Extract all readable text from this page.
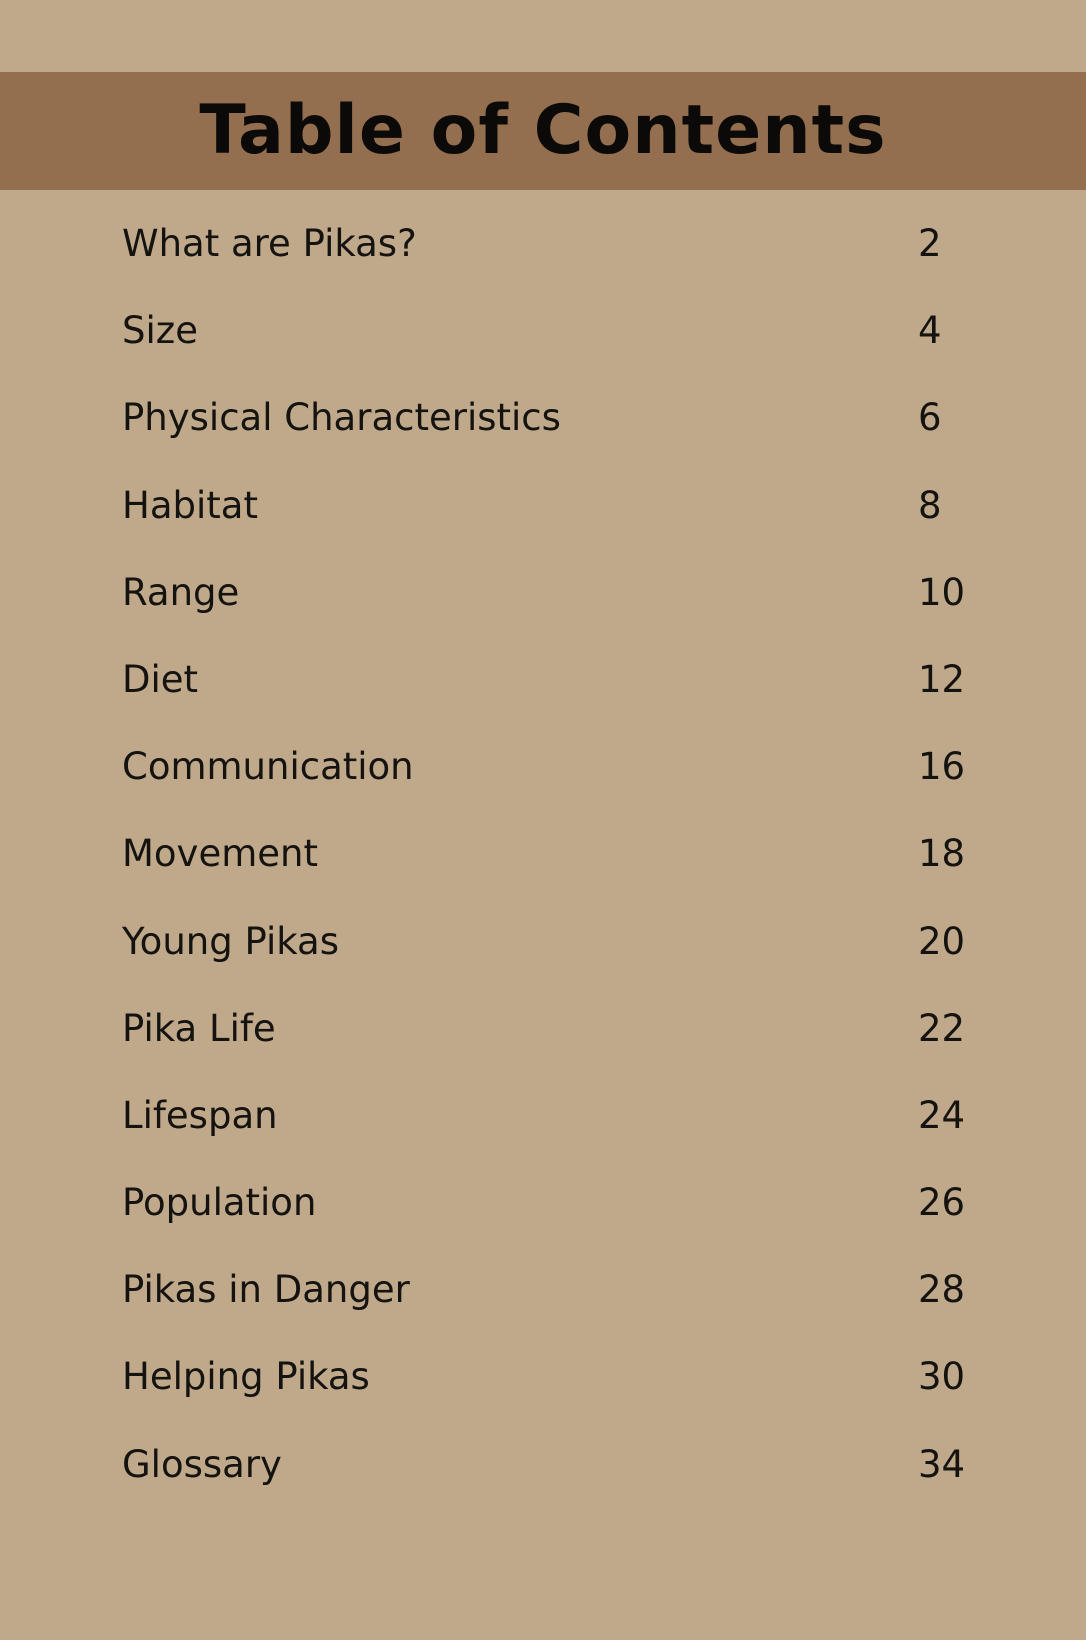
Table of Contents
What are Pikas?	2
Size	4
Physical Characteristics	6
Habitat	8
Range	10
Diet	12
Communication	16
Movement	18
Young Pikas	20
Pika Life	22
Lifespan	24
Population	26
Pikas in Danger	28
Helping Pikas	30
Glossary	34
